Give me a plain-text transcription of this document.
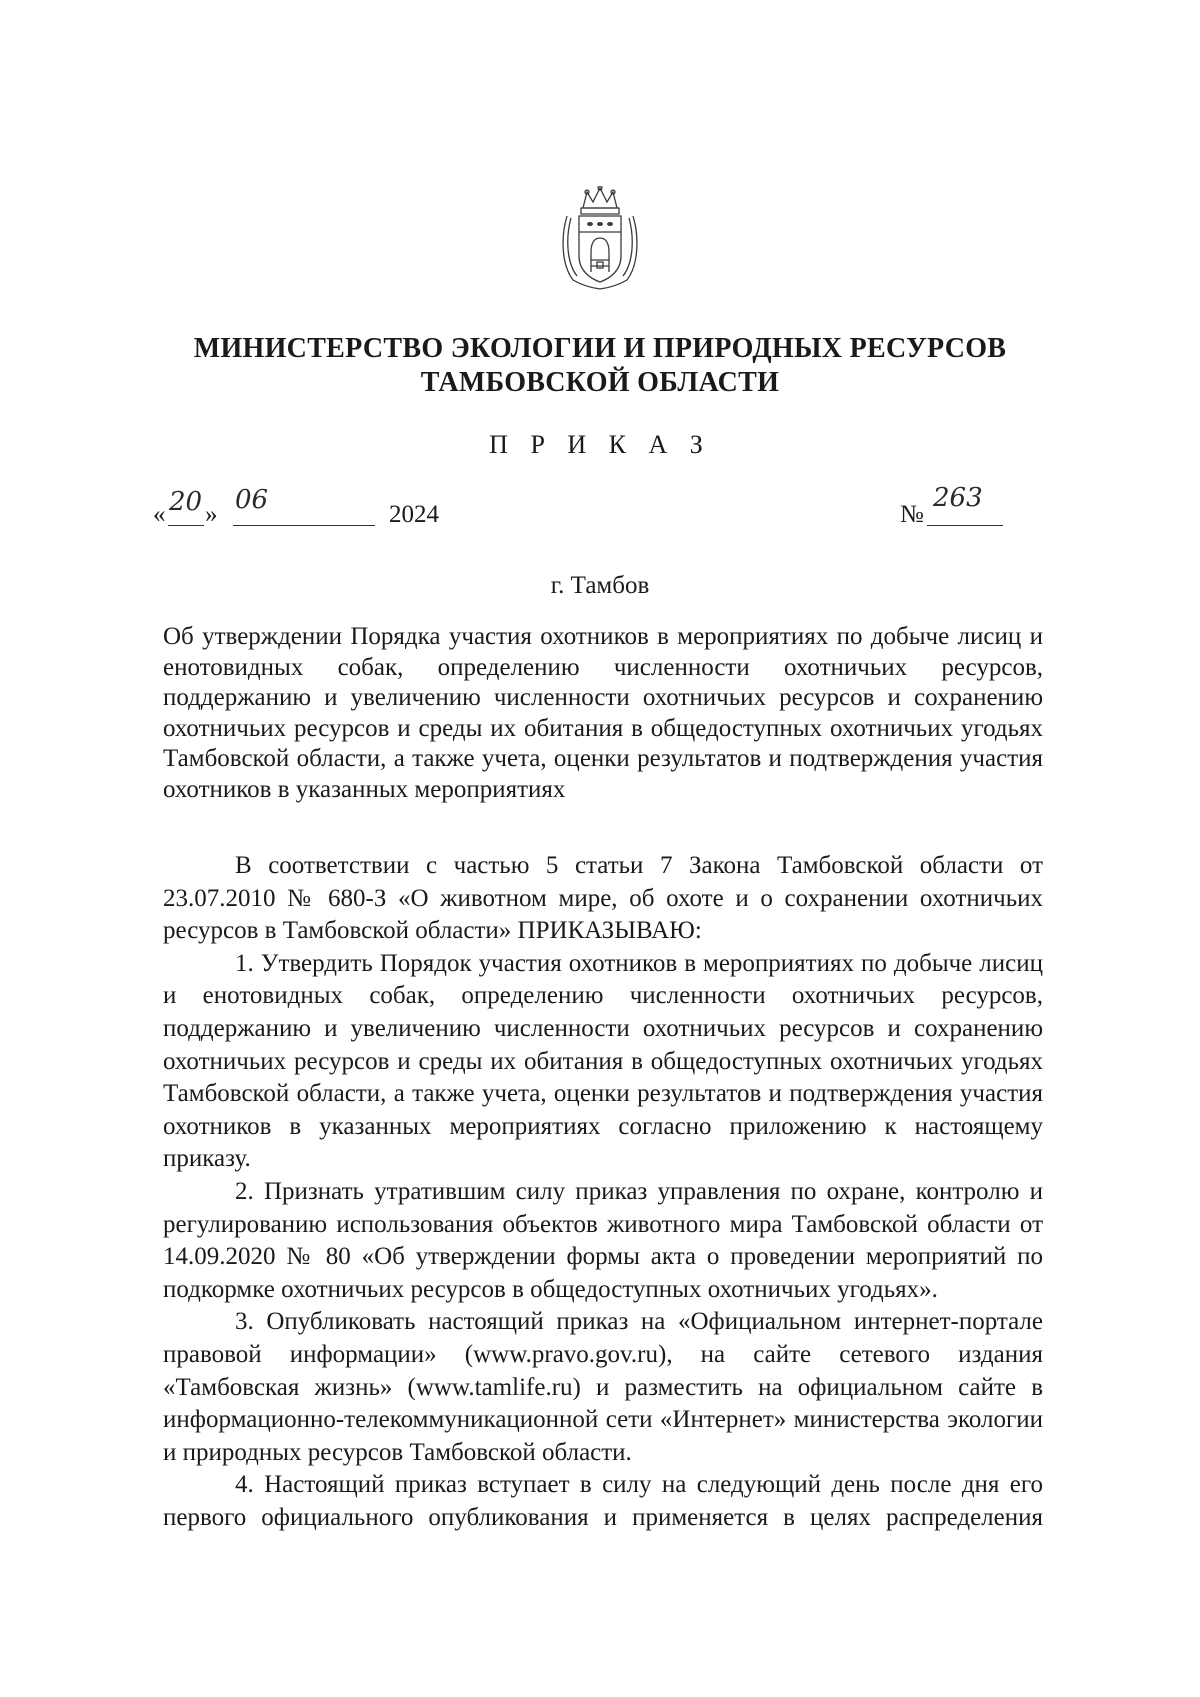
МИНИСТЕРСТВО ЭКОЛОГИИ И ПРИРОДНЫХ РЕСУРСОВ
ТАМБОВСКОЙ ОБЛАСТИ
П Р И К А З
« 20 » 06	2024	№
263
г. Тамбов
Об утверждении Порядка участия охотников в мероприятиях по добыче лисиц и енотовидных собак, определению численности охотничьих ресурсов, поддержанию и увеличению численности охотничьих ресурсов и сохранению охотничьих ресурсов и среды их обитания в общедоступных охотничьих угодьях Тамбовской области, а также учета, оценки результатов и подтверждения участия охотников в указанных мероприятиях

В соответствии с частью 5 статьи 7 Закона Тамбовской области от 23.07.2010 № 680-З «О животном мире, об охоте и о сохранении охотничьих ресурсов в Тамбовской области» ПРИКАЗЫВАЮ:

1. Утвердить Порядок участия охотников в мероприятиях по добыче лисиц и енотовидных собак, определению численности охотничьих ресурсов, поддержанию и увеличению численности охотничьих ресурсов и сохранению охотничьих ресурсов и среды их обитания в общедоступных охотничьих угодьях Тамбовской области, а также учета, оценки результатов и подтверждения участия охотников в указанных мероприятиях согласно приложению к настоящему приказу.

2. Признать утратившим силу приказ управления по охране, контролю и регулированию использования объектов животного мира Тамбовской области от 14.09.2020 № 80 «Об утверждении формы акта о проведении мероприятий по подкормке охотничьих ресурсов в общедоступных охотничьих угодьях».

3. Опубликовать настоящий приказ на «Официальном интернет-портале правовой информации» (www.pravo.gov.ru), на сайте сетевого издания «Тамбовская жизнь» (www.tamlife.ru) и разместить на официальном сайте в информационно-телекоммуникационной сети «Интернет» министерства экологии и природных ресурсов Тамбовской области.

4. Настоящий приказ вступает в силу на следующий день после дня его первого официального опубликования и применяется в целях распределения
